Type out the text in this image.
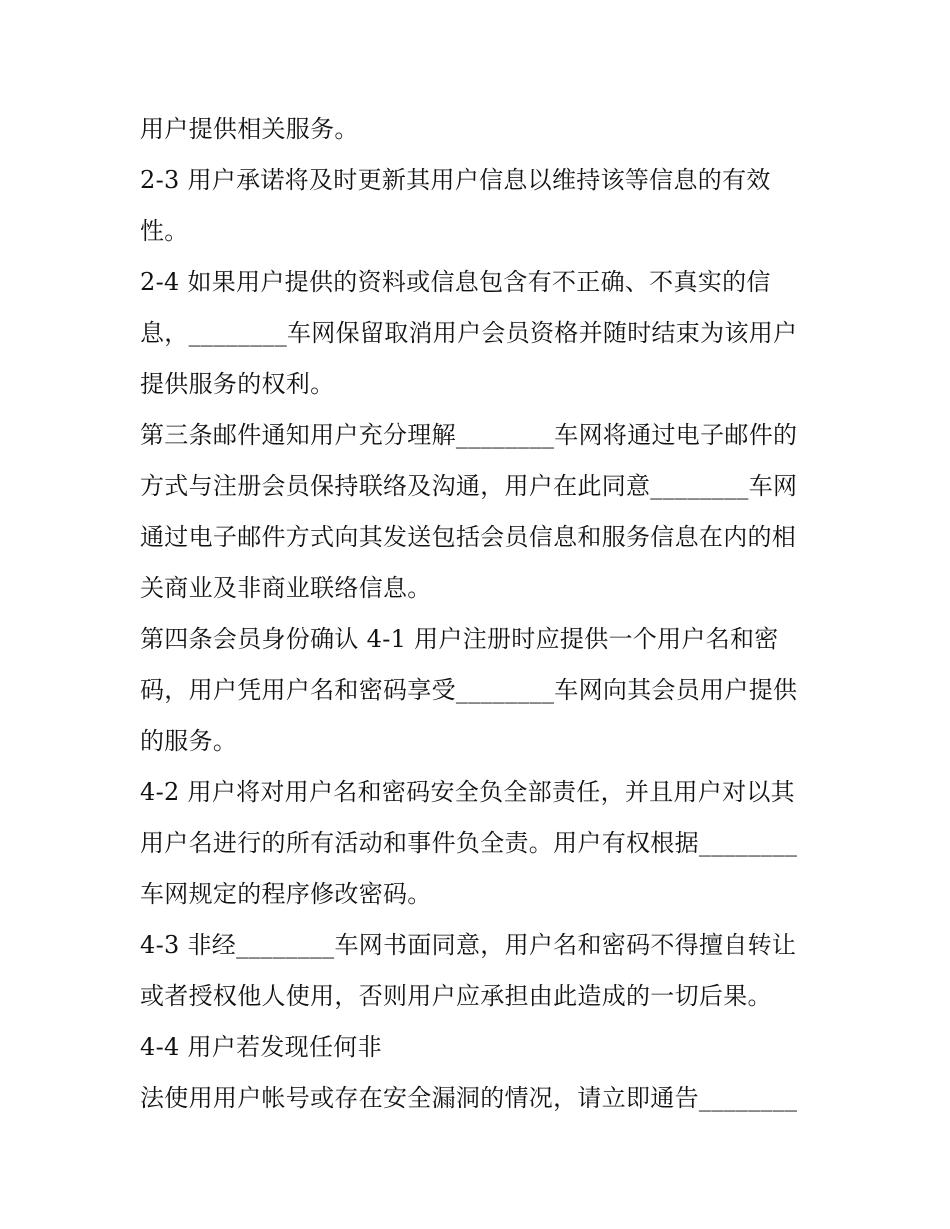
用户提供相关服务。
2-3 用户承诺将及时更新其用户信息以维持该等信息的有效
性。
2-4 如果用户提供的资料或信息包含有不正确、不真实的信
息，________车网保留取消用户会员资格并随时结束为该用户
提供服务的权利。
第三条邮件通知用户充分理解________车网将通过电子邮件的
方式与注册会员保持联络及沟通，用户在此同意________车网
通过电子邮件方式向其发送包括会员信息和服务信息在内的相
关商业及非商业联络信息。
第四条会员身份确认 4-1 用户注册时应提供一个用户名和密
码，用户凭用户名和密码享受________车网向其会员用户提供
的服务。
4-2 用户将对用户名和密码安全负全部责任，并且用户对以其
用户名进行的所有活动和事件负全责。用户有权根据________
车网规定的程序修改密码。
4-3 非经________车网书面同意，用户名和密码不得擅自转让
或者授权他人使用，否则用户应承担由此造成的一切后果。
4-4 用户若发现任何非
法使用用户帐号或存在安全漏洞的情况，请立即通告________
